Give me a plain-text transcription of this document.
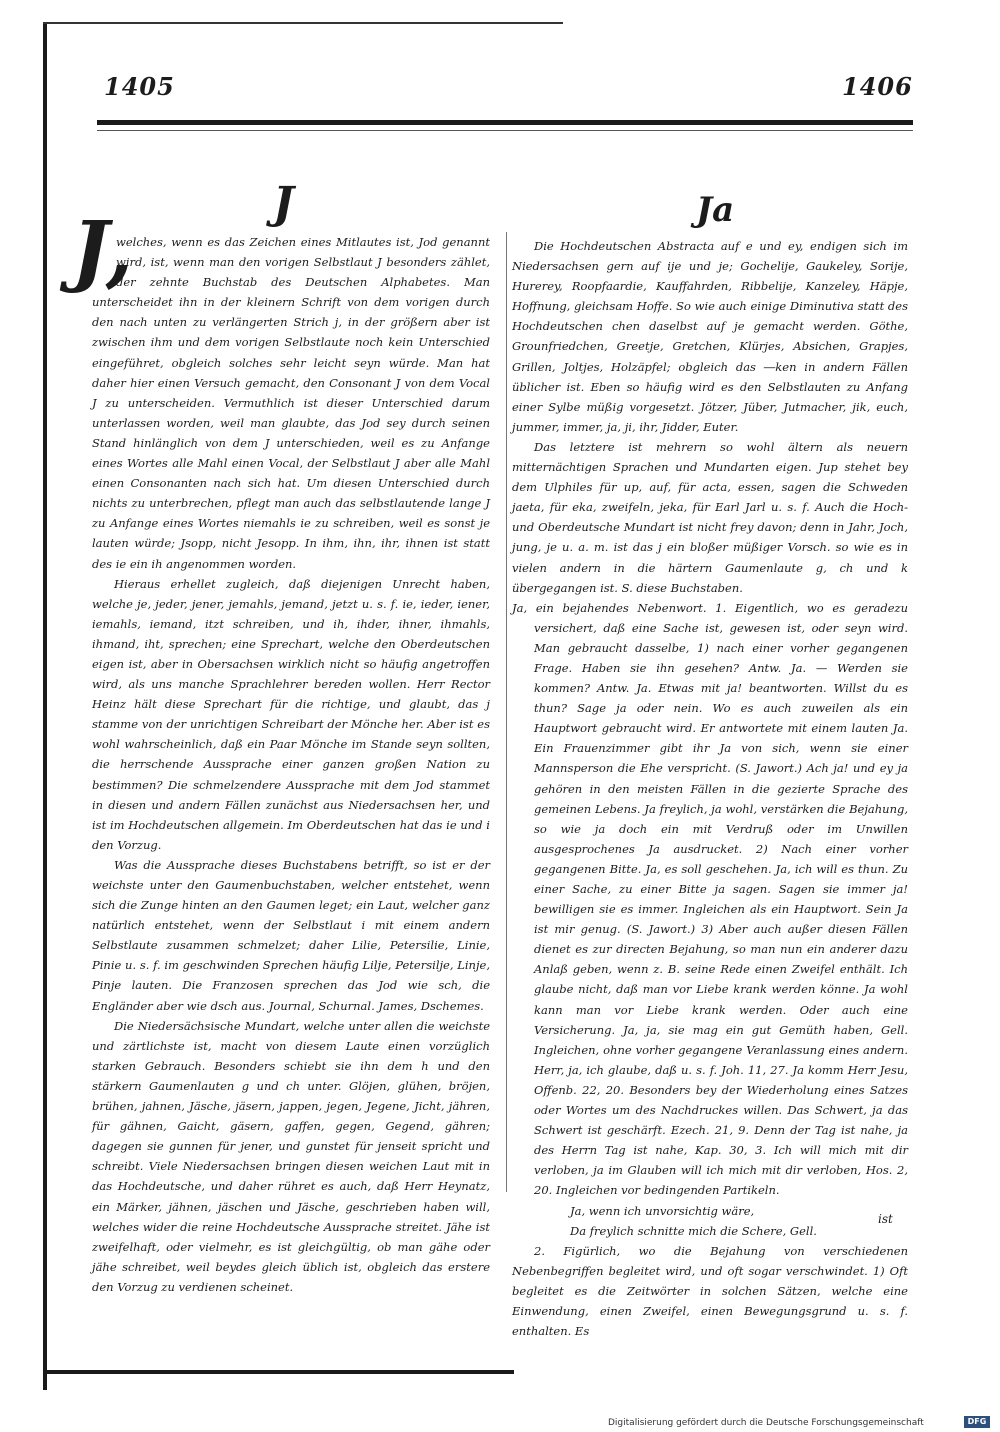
1405	1406
J	Ja
J,

welches, wenn es das Zeichen eines Mitlautes ist, Jod genannt wird, ist, wenn man den vorigen Selbstlaut J besonders zählet, der zehnte Buchstab des Deutschen Alphabetes. Man unterscheidet ihn in der kleinern Schrift von dem vorigen durch den nach unten zu verlängerten Strich j, in der größern aber ist zwischen ihm und dem vorigen Selbstlaute noch kein Unterschied eingeführet, obgleich solches sehr leicht seyn würde. Man hat daher hier einen Versuch gemacht, den Consonant J von dem Vocal J zu unterscheiden. Vermuthlich ist dieser Unterschied darum unterlassen worden, weil man glaubte, das Jod sey durch seinen Stand hinlänglich von dem J unterschieden, weil es zu Anfange eines Wortes alle Mahl einen Vocal, der Selbstlaut J aber alle Mahl einen Consonanten nach sich hat. Um diesen Unterschied durch nichts zu unterbrechen, pflegt man auch das selbstlautende lange J zu Anfange eines Wortes niemahls ie zu schreiben, weil es sonst je lauten würde; Jsopp, nicht Jesopp. In ihm, ihn, ihr, ihnen ist statt des ie ein ih angenommen worden.

Hieraus erhellet zugleich, daß diejenigen Unrecht haben, welche je, jeder, jener, jemahls, jemand, jetzt u. s. f. ie, ieder, iener, iemahls, iemand, itzt schreiben, und ih, ihder, ihner, ihmahls, ihmand, iht, sprechen; eine Sprechart, welche den Oberdeutschen eigen ist, aber in Obersachsen wirklich nicht so häufig angetroffen wird, als uns manche Sprachlehrer bereden wollen. Herr Rector Heinz hält diese Sprechart für die richtige, und glaubt, das j stamme von der unrichtigen Schreibart der Mönche her. Aber ist es wohl wahrscheinlich, daß ein Paar Mönche im Stande seyn sollten, die herrschende Aussprache einer ganzen großen Nation zu bestimmen? Die schmelzendere Aussprache mit dem Jod stammet in diesen und andern Fällen zunächst aus Niedersachsen her, und ist im Hochdeutschen allgemein. Im Oberdeutschen hat das ie und i den Vorzug.

Was die Aussprache dieses Buchstabens betrifft, so ist er der weichste unter den Gaumenbuchstaben, welcher entstehet, wenn sich die Zunge hinten an den Gaumen leget; ein Laut, welcher ganz natürlich entstehet, wenn der Selbstlaut i mit einem andern Selbstlaute zusammen schmelzet; daher Lilie, Petersilie, Linie, Pinie u. s. f. im geschwinden Sprechen häufig Lilje, Petersilje, Linje, Pinje lauten. Die Franzosen sprechen das Jod wie sch, die Engländer aber wie dsch aus. Journal, Schurnal. James, Dschemes.

Die Niedersächsische Mundart, welche unter allen die weichste und zärtlichste ist, macht von diesem Laute einen vorzüglich starken Gebrauch. Besonders schiebt sie ihn dem h und den stärkern Gaumenlauten g und ch unter. Glöjen, glühen, bröjen, brühen, jahnen, Jäsche, jäsern, jappen, jegen, Jegene, Jicht, jähren, für gähnen, Gaicht, gäsern, gaffen, gegen, Gegend, gähren; dagegen sie gunnen für jener, und gunstet für jenseit spricht und schreibt. Viele Niedersachsen bringen diesen weichen Laut mit in das Hochdeutsche, und daher rühret es auch, daß Herr Heynatz, ein Märker, jähnen, jäschen und Jäsche, geschrieben haben will, welches wider die reine Hochdeutsche Aussprache streitet. Jähe ist zweifelhaft, oder vielmehr, es ist gleichgültig, ob man gähe oder jähe schreibet, weil beydes gleich üblich ist, obgleich das erstere den Vorzug zu verdienen scheinet.

Die Hochdeutschen Abstracta auf e und ey, endigen sich im Niedersachsen gern auf ije und je; Gochelije, Gaukeley, Sorije, Hurerey, Roopfaardie, Kauffahrden, Ribbelije, Kanzeley, Häpje, Hoffnung, gleichsam Hoffe. So wie auch einige Diminutiva statt des Hochdeutschen chen daselbst auf je gemacht werden. Göthe, Grounfriedchen, Greetje, Gretchen, Klürjes, Absichen, Grapjes, Grillen, Joltjes, Holzäpfel; obgleich das ―ken in andern Fällen üblicher ist. Eben so häufig wird es den Selbstlauten zu Anfang einer Sylbe müßig vorgesetzt. Jötzer, Jüber, Jutmacher, jik, euch, jummer, immer, ja, ji, ihr, Jidder, Euter.

Das letztere ist mehrern so wohl ältern als neuern mitternächtigen Sprachen und Mundarten eigen. Jup stehet bey dem Ulphiles für up, auf, für acta, essen, sagen die Schweden jaeta, für eka, zweifeln, jeka, für Earl Jarl u. s. f. Auch die Hoch- und Oberdeutsche Mundart ist nicht frey davon; denn in Jahr, Joch, jung, je u. a. m. ist das j ein bloßer müßiger Vorsch. so wie es in vielen andern in die härtern Gaumenlaute g, ch und k übergegangen ist. S. diese Buchstaben.

Ja, ein bejahendes Nebenwort. 1. Eigentlich, wo es geradezu versichert, daß eine Sache ist, gewesen ist, oder seyn wird. Man gebraucht dasselbe, 1) nach einer vorher gegangenen Frage. Haben sie ihn gesehen? Antw. Ja. — Werden sie kommen? Antw. Ja. Etwas mit ja! beantworten. Willst du es thun? Sage ja oder nein. Wo es auch zuweilen als ein Hauptwort gebraucht wird. Er antwortete mit einem lauten Ja. Ein Frauenzimmer gibt ihr Ja von sich, wenn sie einer Mannsperson die Ehe verspricht. (S. Jawort.) Ach ja! und ey ja gehören in den meisten Fällen in die gezierte Sprache des gemeinen Lebens. Ja freylich, ja wohl, verstärken die Bejahung, so wie ja doch ein mit Verdruß oder im Unwillen ausgesprochenes Ja ausdrucket. 2) Nach einer vorher gegangenen Bitte. Ja, es soll geschehen. Ja, ich will es thun. Zu einer Sache, zu einer Bitte ja sagen. Sagen sie immer ja! bewilligen sie es immer. Ingleichen als ein Hauptwort. Sein Ja ist mir genug. (S. Jawort.) 3) Aber auch außer diesen Fällen dienet es zur directen Bejahung, so man nun ein anderer dazu Anlaß geben, wenn z. B. seine Rede einen Zweifel enthält. Ich glaube nicht, daß man vor Liebe krank werden könne. Ja wohl kann man vor Liebe krank werden. Oder auch eine Versicherung. Ja, ja, sie mag ein gut Gemüth haben, Gell. Ingleichen, ohne vorher gegangene Veranlassung eines andern. Herr, ja, ich glaube, daß u. s. f. Joh. 11, 27. Ja komm Herr Jesu, Offenb. 22, 20. Besonders bey der Wiederholung eines Satzes oder Wortes um des Nachdruckes willen. Das Schwert, ja das Schwert ist geschärft. Ezech. 21, 9. Denn der Tag ist nahe, ja des Herrn Tag ist nahe, Kap. 30, 3. Ich will mich mit dir verloben, ja im Glauben will ich mich mit dir verloben, Hos. 2, 20. Ingleichen vor bedingenden Partikeln.

Ja, wenn ich unvorsichtig wäre,

Da freylich schnitte mich die Schere, Gell.

2. Figürlich, wo die Bejahung von verschiedenen Nebenbegriffen begleitet wird, und oft sogar verschwindet. 1) Oft begleitet es die Zeitwörter in solchen Sätzen, welche eine Einwendung, einen Zweifel, einen Bewegungsgrund u. s. f. enthalten. Es

ist
Digitalisierung gefördert durch die Deutsche Forschungsgemeinschaft	DFG
